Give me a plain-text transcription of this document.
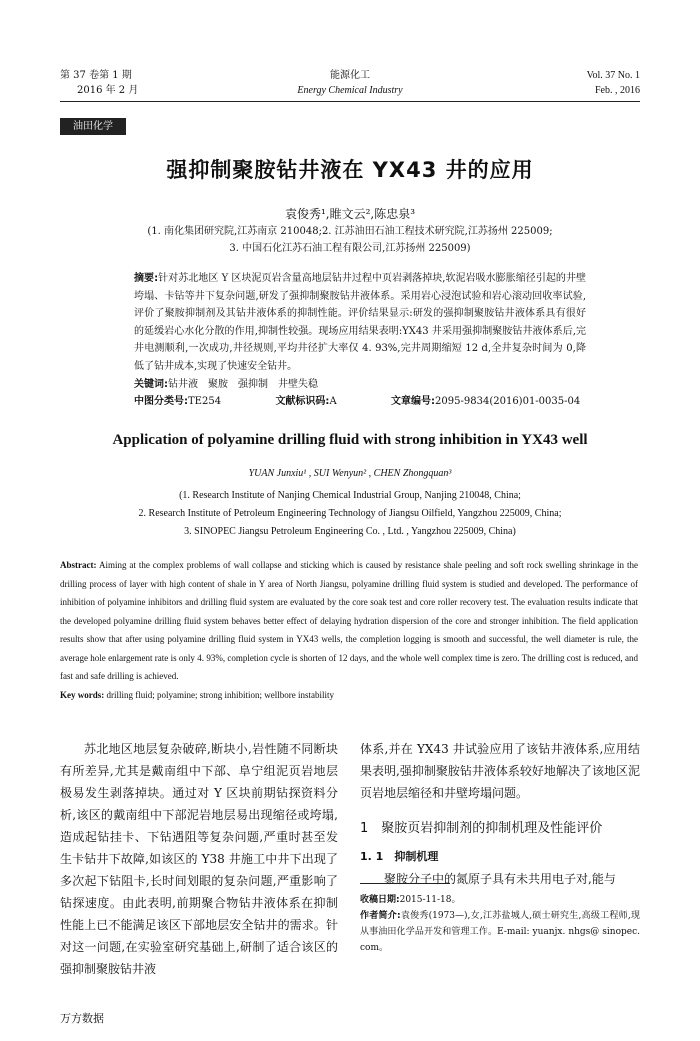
第 37 卷第 1 期
2016 年 2 月
能源化工
Energy Chemical Industry
Vol. 37 No. 1
Feb. , 2016
油田化学
强抑制聚胺钻井液在 YX43 井的应用
袁俊秀¹,睢文云²,陈忠泉³
(1. 南化集团研究院,江苏南京 210048;2. 江苏油田石油工程技术研究院,江苏扬州 225009;
3. 中国石化江苏石油工程有限公司,江苏扬州 225009)
摘要:针对苏北地区 Y 区块泥页岩含量高地层钻井过程中页岩剥落掉块,软泥岩吸水膨胀缩径引起的井壁垮塌、卡钻等井下复杂问题,研发了强抑制聚胺钻井液体系。采用岩心浸泡试验和岩心滚动回收率试验,评价了聚胺抑制剂及其钻井液体系的抑制性能。评价结果显示:研发的强抑制聚胺钻井液体系具有很好的延缓岩心水化分散的作用,抑制性较强。现场应用结果表明:YX43 井采用强抑制聚胺钻井液体系后,完井电测顺利,一次成功,井径规则,平均井径扩大率仅 4. 93%,完井周期缩短 12 d,全井复杂时间为 0,降低了钻井成本,实现了快速安全钻井。
关键词:钻井液　聚胺　强抑制　井壁失稳
中图分类号:TE254	文献标识码:A	文章编号:2095-9834(2016)01-0035-04
Application of polyamine drilling fluid with strong inhibition in YX43 well
YUAN Junxiu¹ , SUI Wenyun² , CHEN Zhongquan³
(1. Research Institute of Nanjing Chemical Industrial Group, Nanjing 210048, China;
2. Research Institute of Petroleum Engineering Technology of Jiangsu Oilfield, Yangzhou 225009, China;
3. SINOPEC Jiangsu Petroleum Engineering Co. , Ltd. , Yangzhou 225009, China)
Abstract: Aiming at the complex problems of wall collapse and sticking which is caused by resistance shale peeling and soft rock swelling shrinkage in the drilling process of layer with high content of shale in Y area of North Jiangsu, polyamine drilling fluid system is studied and developed. The performance of inhibition of polyamine inhibitors and drilling fluid system are evaluated by the core soak test and core roller recovery test. The evaluation results indicate that the developed polyamine drilling fluid system behaves better effect of delaying hydration dispersion of the core and stronger inhibition. The field application results show that after using polyamine drilling fluid system in YX43 wells, the completion logging is smooth and successful, the well diameter is rule, the average hole enlargement rate is only 4. 93%, completion cycle is shorten of 12 days, and the whole well complex time is zero. The drilling cost is reduced, and fast and safe drilling is achieved.
Key words: drilling fluid; polyamine; strong inhibition; wellbore instability

苏北地区地层复杂破碎,断块小,岩性随不同断块有所差异,尤其是戴南组中下部、阜宁组泥页岩地层极易发生剥落掉块。通过对 Y 区块前期钻探资料分析,该区的戴南组中下部泥岩地层易出现缩径或垮塌,造成起钻挂卡、下钻遇阻等复杂问题,严重时甚至发生卡钻井下故障,如该区的 Y38 井施工中井下出现了多次起下钻阻卡,长时间划眼的复杂问题,严重影响了钻探速度。由此表明,前期聚合物钻井液体系在抑制性能上已不能满足该区下部地层安全钻井的需求。针对这一问题,在实验室研究基础上,研制了适合该区的强抑制聚胺钻井液

体系,并在 YX43 井试验应用了该钻井液体系,应用结果表明,强抑制聚胺钻井液体系较好地解决了该地区泥页岩地层缩径和井壁垮塌问题。

1　聚胺页岩抑制剂的抑制机理及性能评价
1. 1　抑制机理

聚胺分子中的氮原子具有未共用电子对,能与

收稿日期:2015-11-18。
作者简介:袁俊秀(1973—),女,江苏盐城人,硕士研究生,高级工程师,现从事油田化学品开发和管理工作。E-mail: yuanjx. nhgs@ sinopec. com。
万方数据
